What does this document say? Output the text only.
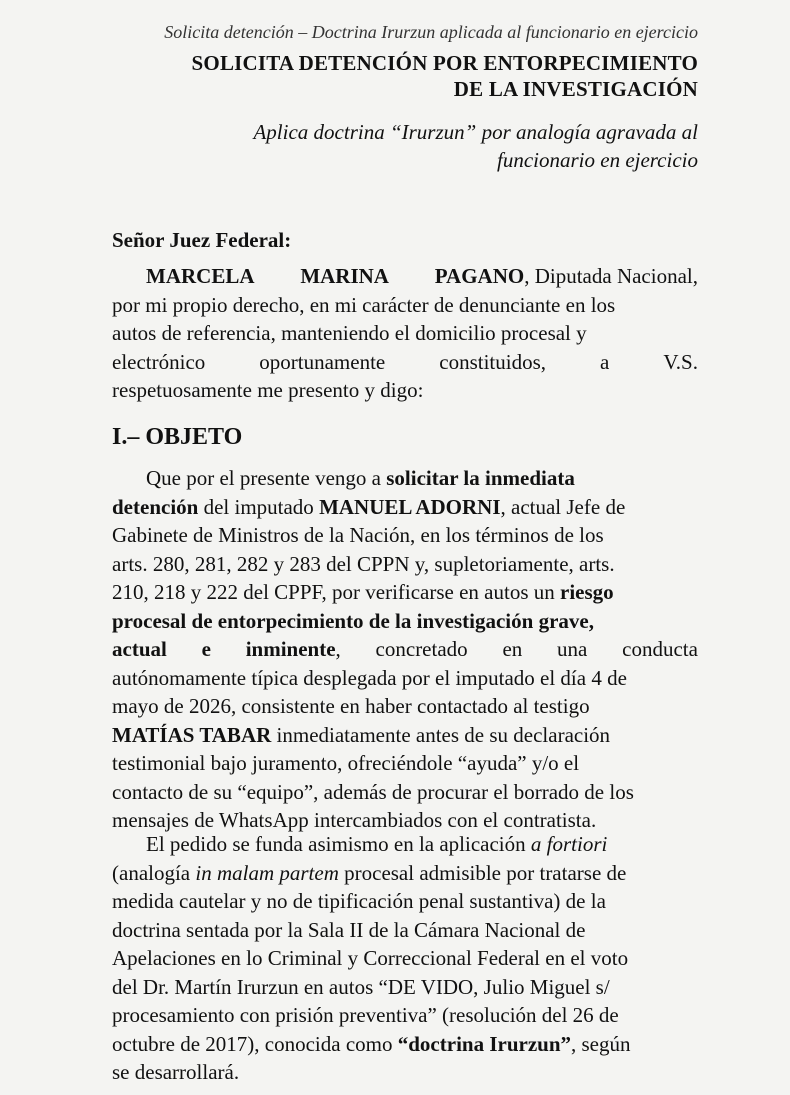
Solicita detención – Doctrina Irurzun aplicada al funcionario en ejercicio
SOLICITA DETENCIÓN POR ENTORPECIMIENTO
DE LA INVESTIGACIÓN
Aplica doctrina “Irurzun” por analogía agravada al
funcionario en ejercicio
Señor Juez Federal:
MARCELA MARINA PAGANO, Diputada Nacional,
por mi propio derecho, en mi carácter de denunciante en los
autos de referencia, manteniendo el domicilio procesal y
electrónico	oportunamente	constituidos,	a	V.S.
respetuosamente me presento y digo:
I.– OBJETO
Que por el presente vengo a solicitar la inmediata
detención del imputado MANUEL ADORNI, actual Jefe de
Gabinete de Ministros de la Nación, en los términos de los
arts. 280, 281, 282 y 283 del CPPN y, supletoriamente, arts.
210, 218 y 222 del CPPF, por verificarse en autos un riesgo
procesal de entorpecimiento de la investigación grave,
actual e inminente, concretado en una conducta
autónomamente típica desplegada por el imputado el día 4 de
mayo de 2026, consistente en haber contactado al testigo
MATÍAS TABAR inmediatamente antes de su declaración
testimonial bajo juramento, ofreciéndole “ayuda” y/o el
contacto de su “equipo”, además de procurar el borrado de los
mensajes de WhatsApp intercambiados con el contratista.
El pedido se funda asimismo en la aplicación a fortiori
(analogía in malam partem procesal admisible por tratarse de
medida cautelar y no de tipificación penal sustantiva) de la
doctrina sentada por la Sala II de la Cámara Nacional de
Apelaciones en lo Criminal y Correccional Federal en el voto
del Dr. Martín Irurzun en autos “DE VIDO, Julio Miguel s/
procesamiento con prisión preventiva” (resolución del 26 de
octubre de 2017), conocida como “doctrina Irurzun”, según
se desarrollará.
